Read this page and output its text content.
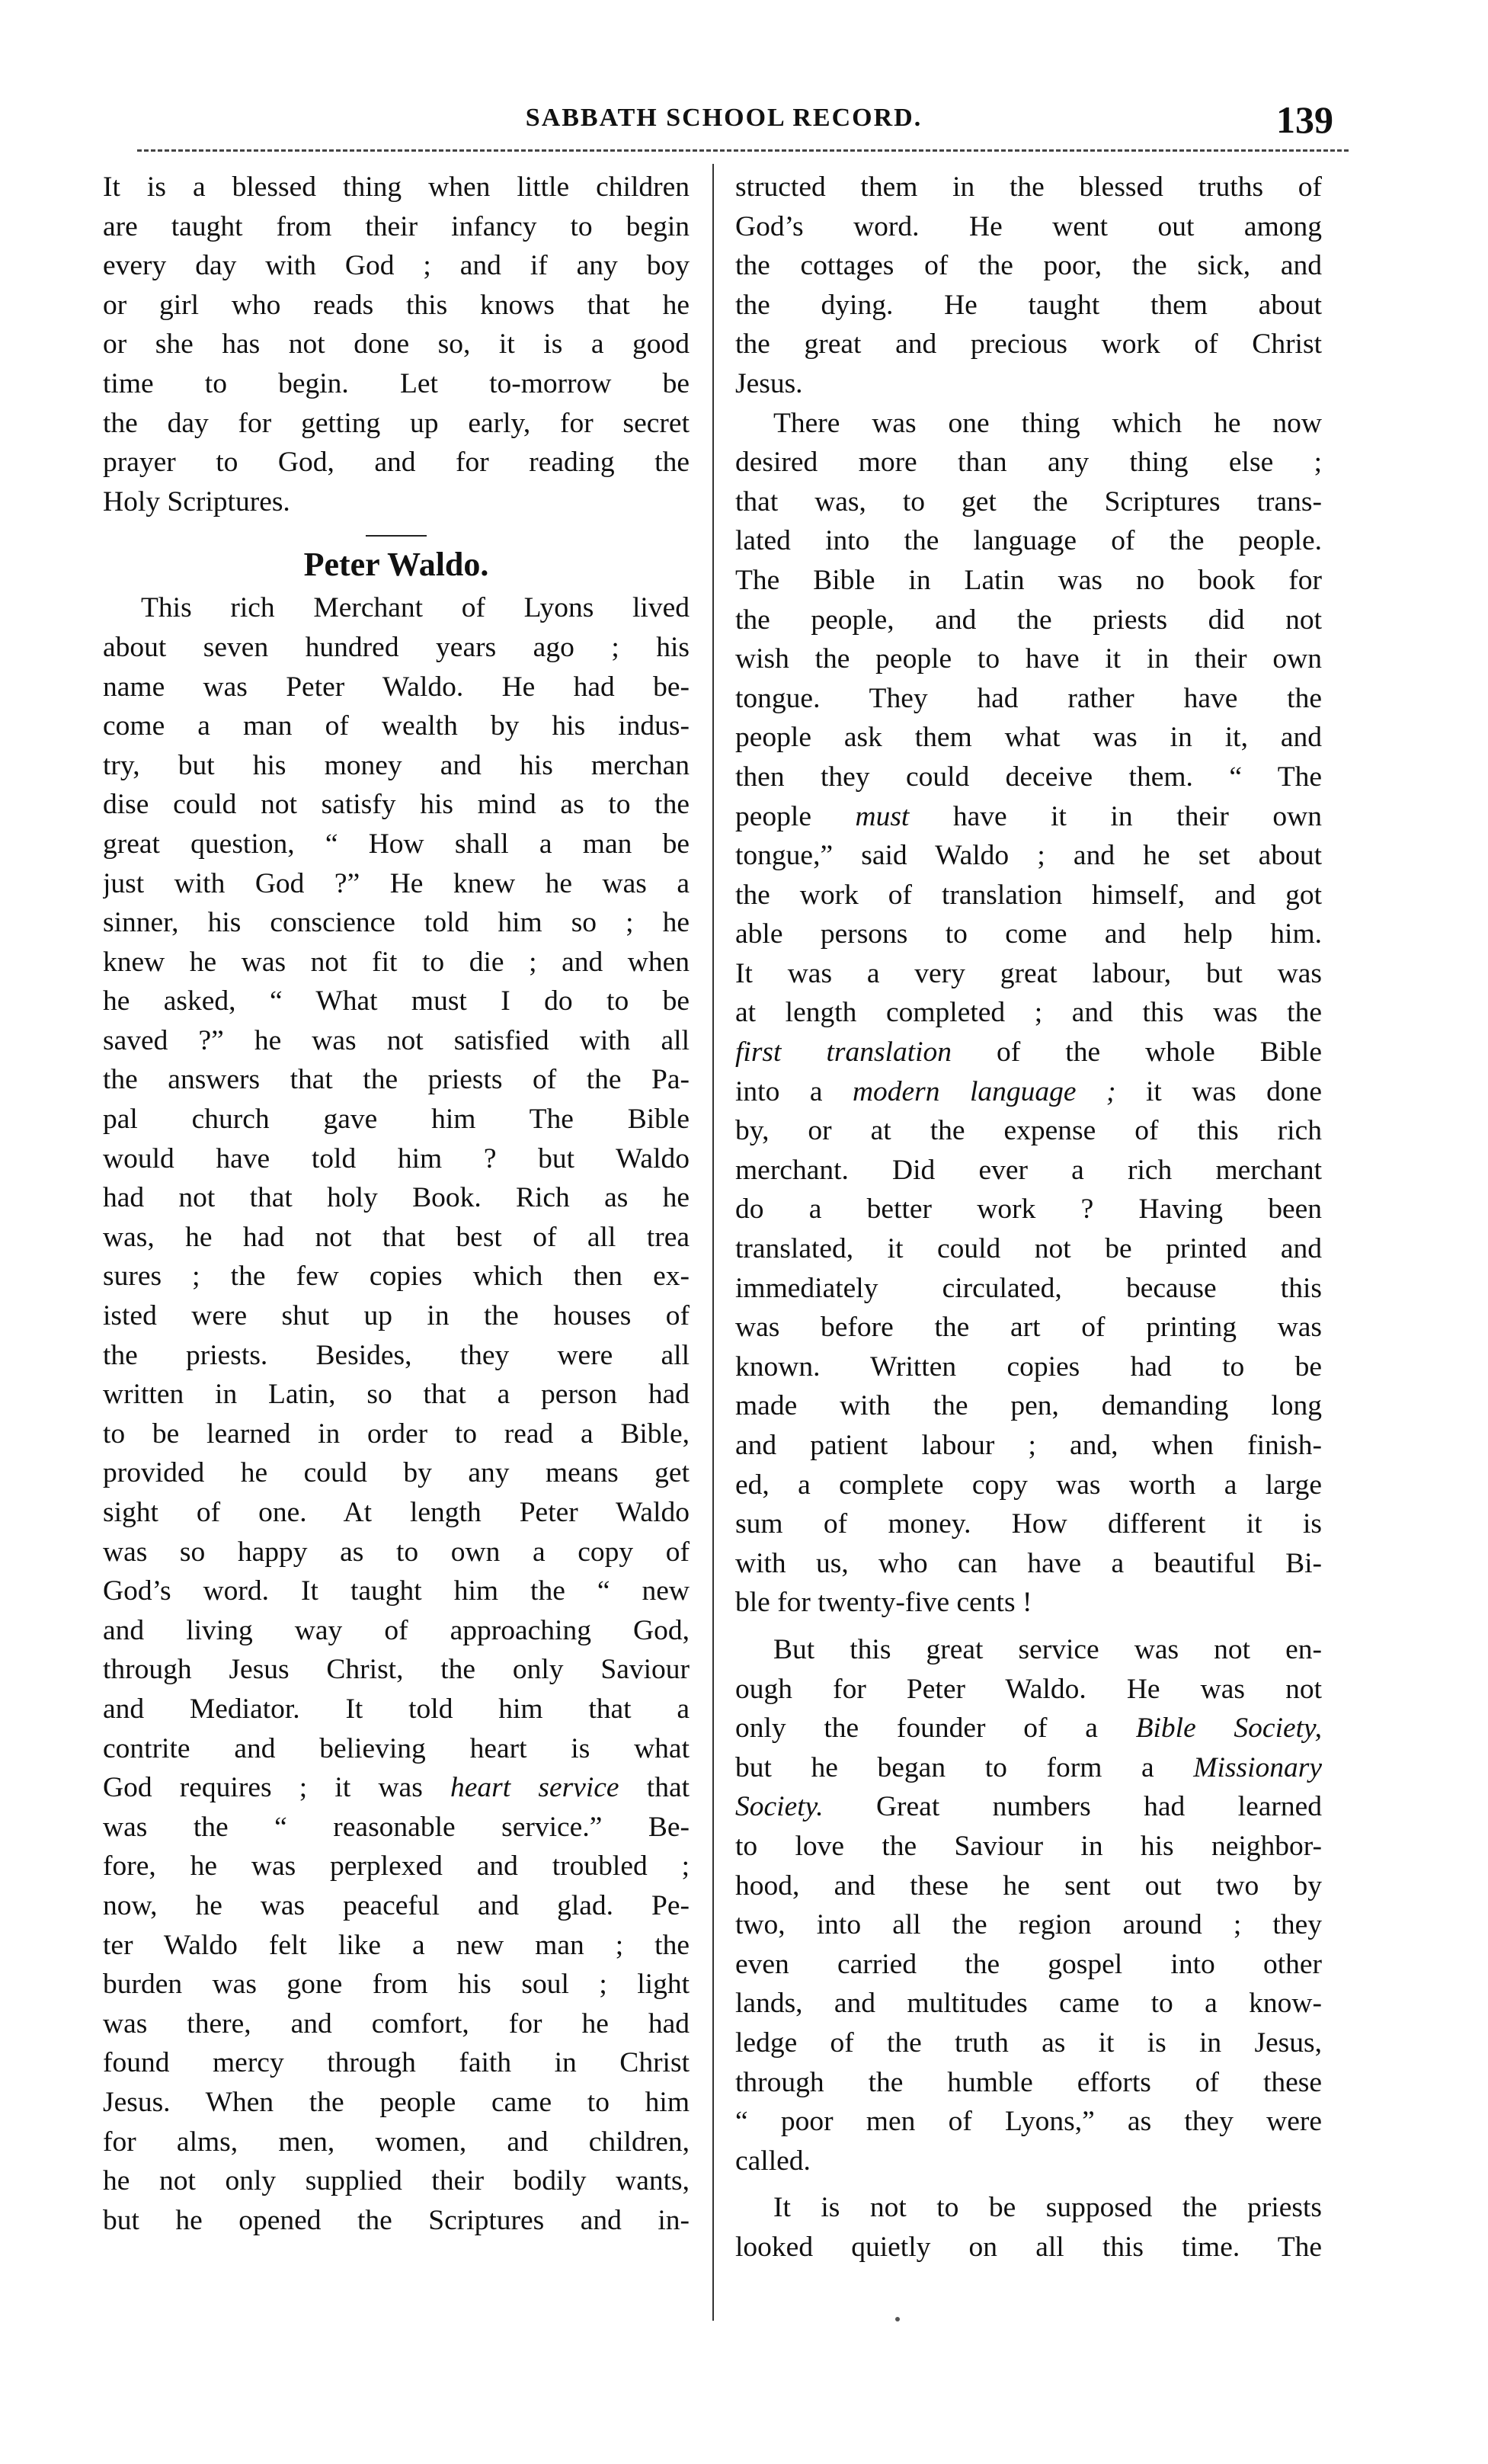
SABBATH SCHOOL RECORD.	139
It is a blessed thing when little children
are taught from their infancy to begin
every day with God ; and if any boy
or girl who reads this knows that he
or she has not done so, it is a good
time to begin. Let to-morrow be
the day for getting up early, for secret
prayer to God, and for reading the
Holy Scriptures.
Peter Waldo.
This rich Merchant of Lyons lived
about seven hundred years ago ; his
name was Peter Waldo. He had be-
come a man of wealth by his indus-
try, but his money and his merchan
dise could not satisfy his mind as to the
great question, “ How shall a man be
just with God ?” He knew he was a
sinner, his conscience told him so ; he
knew he was not fit to die ; and when
he asked, “ What must I do to be
saved ?” he was not satisfied with all
the answers that the priests of the Pa-
pal church gave him The Bible
would have told him ? but Waldo
had not that holy Book. Rich as he
was, he had not that best of all trea
sures ; the few copies which then ex-
isted were shut up in the houses of
the priests. Besides, they were all
written in Latin, so that a person had
to be learned in order to read a Bible,
provided he could by any means get
sight of one. At length Peter Waldo
was so happy as to own a copy of
God’s word. It taught him the “ new
and living way of approaching God,
through Jesus Christ, the only Saviour
and Mediator. It told him that a
contrite and believing heart is what
God requires ; it was heart service that
was the “ reasonable service.” Be-
fore, he was perplexed and troubled ;
now, he was peaceful and glad. Pe-
ter Waldo felt like a new man ; the
burden was gone from his soul ; light
was there, and comfort, for he had
found mercy through faith in Christ
Jesus. When the people came to him
for alms, men, women, and children,
he not only supplied their bodily wants,
but he opened the Scriptures and in-
structed them in the blessed truths of
God’s word. He went out among
the cottages of the poor, the sick, and
the dying. He taught them about
the great and precious work of Christ
Jesus.
There was one thing which he now
desired more than any thing else ;
that was, to get the Scriptures trans-
lated into the language of the people.
The Bible in Latin was no book for
the people, and the priests did not
wish the people to have it in their own
tongue. They had rather have the
people ask them what was in it, and
then they could deceive them. “ The
people must have it in their own
tongue,” said Waldo ; and he set about
the work of translation himself, and got
able persons to come and help him.
It was a very great labour, but was
at length completed ; and this was the
first translation of the whole Bible
into a modern language ; it was done
by, or at the expense of this rich
merchant. Did ever a rich merchant
do a better work ? Having been
translated, it could not be printed and
immediately circulated, because this
was before the art of printing was
known. Written copies had to be
made with the pen, demanding long
and patient labour ; and, when finish-
ed, a complete copy was worth a large
sum of money. How different it is
with us, who can have a beautiful Bi-
ble for twenty-five cents !
But this great service was not en-
ough for Peter Waldo. He was not
only the founder of a Bible Society,
but he began to form a Missionary
Society. Great numbers had learned
to love the Saviour in his neighbor-
hood, and these he sent out two by
two, into all the region around ; they
even carried the gospel into other
lands, and multitudes came to a know-
ledge of the truth as it is in Jesus,
through the humble efforts of these
“ poor men of Lyons,” as they were
called.
It is not to be supposed the priests
looked quietly on all this time. The
